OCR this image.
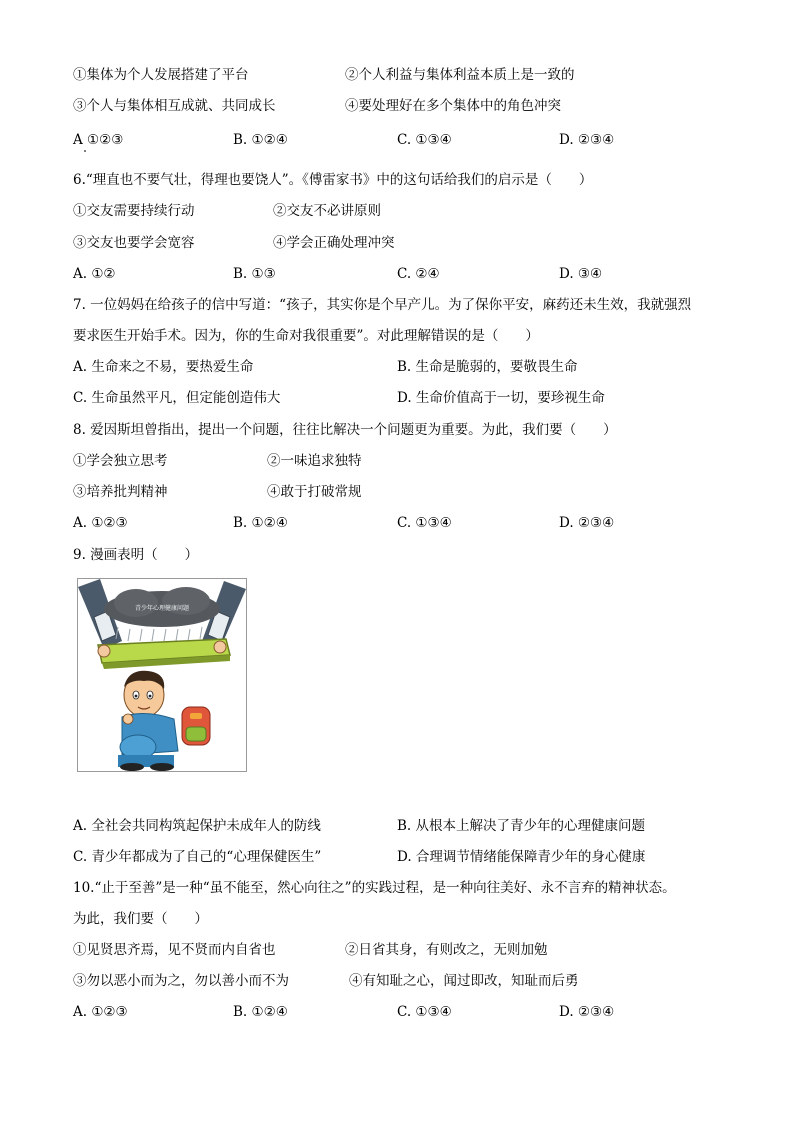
①集体为个人发展搭建了平台	②个人利益与集体利益本质上是一致的
③个人与集体相互成就、共同成长	④要处理好在多个集体中的角色冲突
A ①②③	B. ①②④	C. ①③④	D. ②③④
6.“理直也不要气壮，得理也要饶人”。《傅雷家书》中的这句话给我们的启示是（　　）
①交友需要持续行动	②交友不必讲原则
③交友也要学会宽容	④学会正确处理冲突
A. ①②	B. ①③	C. ②④	D. ③④
7. 一位妈妈在给孩子的信中写道：“孩子，其实你是个早产儿。为了保你平安，麻药还未生效，我就强烈
要求医生开始手术。因为，你的生命对我很重要”。对此理解错误的是（　　）
A. 生命来之不易，要热爱生命	B. 生命是脆弱的，要敬畏生命
C. 生命虽然平凡，但定能创造伟大	D. 生命价值高于一切，要珍视生命
8. 爱因斯坦曾指出，提出一个问题，往往比解决一个问题更为重要。为此，我们要（　　）
①学会独立思考	②一味追求独特
③培养批判精神	④敢于打破常规
A. ①②③	B. ①②④	C. ①③④	D. ②③④
9. 漫画表明（　　）
青少年心理健康问题
A. 全社会共同构筑起保护未成年人的防线	B. 从根本上解决了青少年的心理健康问题
C. 青少年都成为了自己的“心理保健医生”	D. 合理调节情绪能保障青少年的身心健康
10.“止于至善”是一种“虽不能至，然心向往之”的实践过程，是一种向往美好、永不言弃的精神状态。
为此，我们要（　　）
①见贤思齐焉，见不贤而内自省也	②日省其身，有则改之，无则加勉
③勿以恶小而为之，勿以善小而不为	④有知耻之心，闻过即改，知耻而后勇
A. ①②③	B. ①②④	C. ①③④	D. ②③④
